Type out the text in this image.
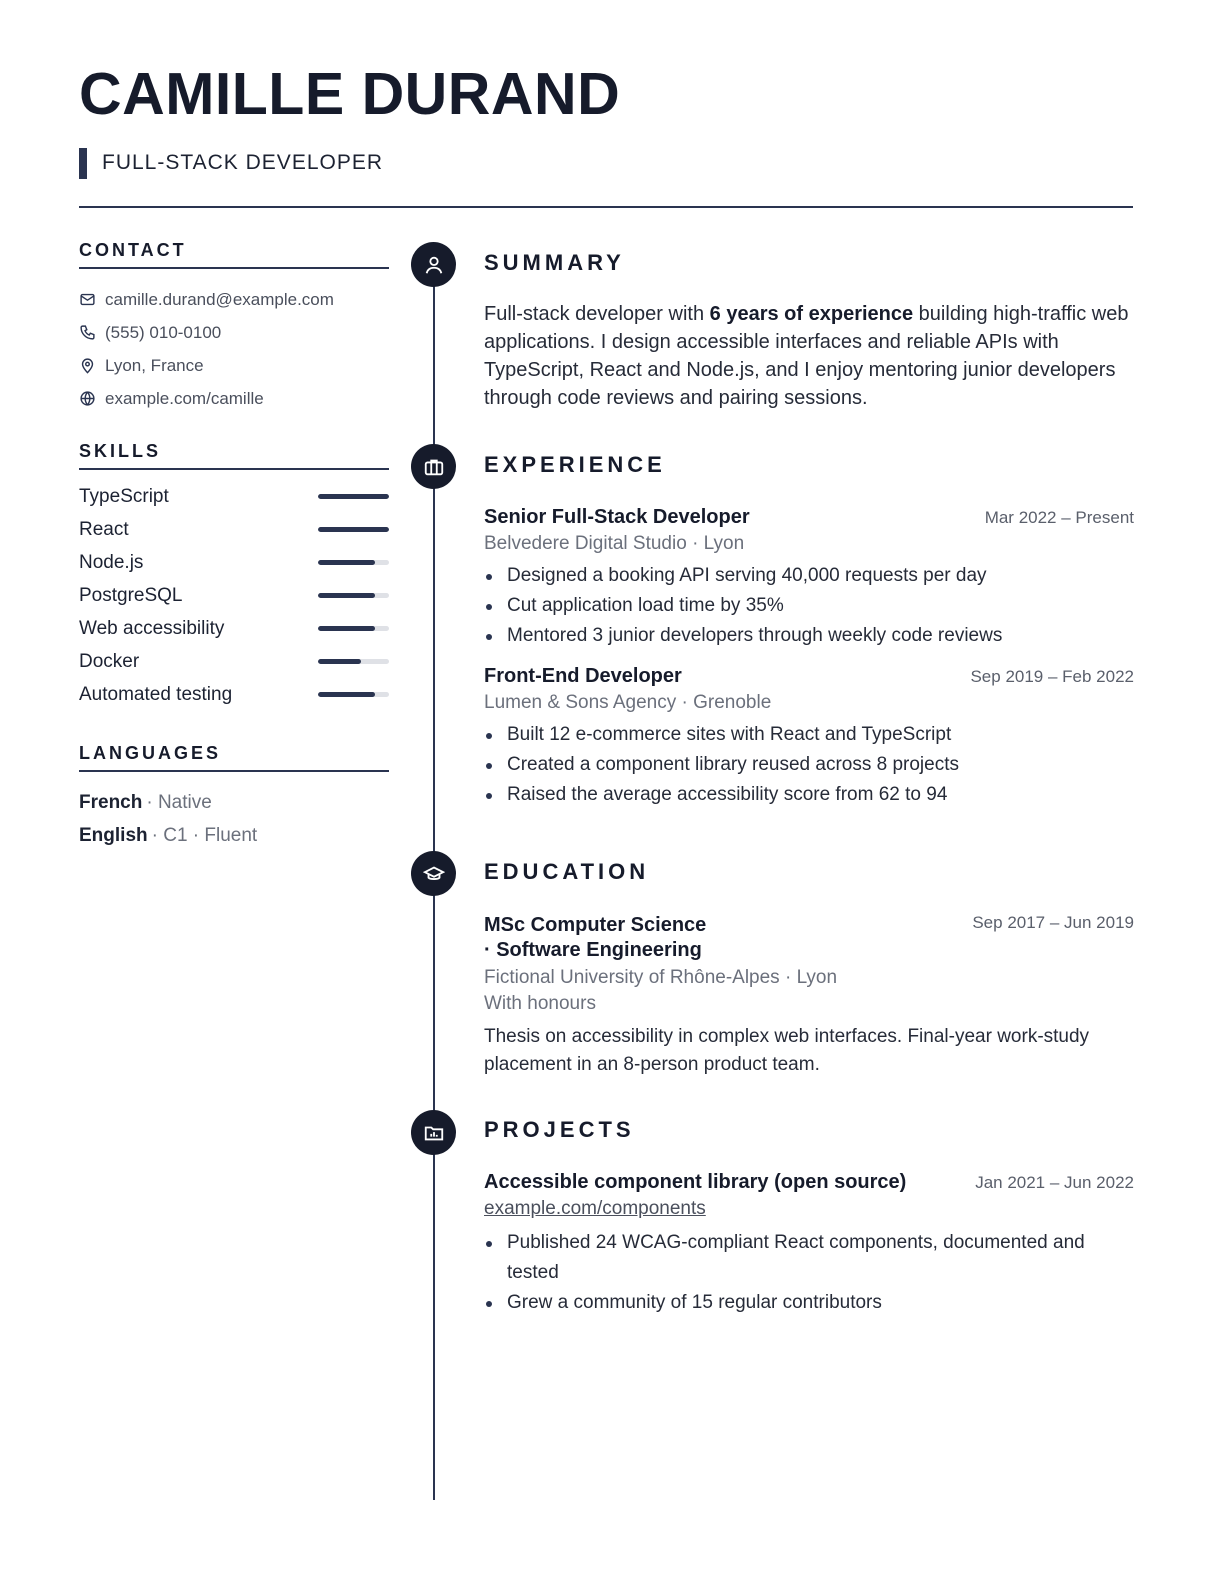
CAMILLE DURAND
FULL-STACK DEVELOPER
CONTACT
camille.durand@example.com
(555) 010-0100
Lyon, France
example.com/camille
SKILLS
TypeScript
React
Node.js
PostgreSQL
Web accessibility
Docker
Automated testing
LANGUAGES
French · Native
English · C1 · Fluent
SUMMARY
Full-stack developer with 6 years of experience building high-traffic web applications. I design accessible interfaces and reliable APIs with TypeScript, React and Node.js, and I enjoy mentoring junior developers through code reviews and pairing sessions.
EXPERIENCE
Senior Full-Stack Developer	Mar 2022 – Present
Belvedere Digital Studio · Lyon
Designed a booking API serving 40,000 requests per day
Cut application load time by 35%
Mentored 3 junior developers through weekly code reviews
Front-End Developer	Sep 2019 – Feb 2022
Lumen & Sons Agency · Grenoble
Built 12 e-commerce sites with React and TypeScript
Created a component library reused across 8 projects
Raised the average accessibility score from 62 to 94
EDUCATION
MSc Computer Science
· Software Engineering
Sep 2017 – Jun 2019
Fictional University of Rhône-Alpes · Lyon
With honours
Thesis on accessibility in complex web interfaces. Final-year work-study placement in an 8-person product team.
PROJECTS
Accessible component library (open source)	Jan 2021 – Jun 2022
example.com/components
Published 24 WCAG-compliant React components, documented and tested
Grew a community of 15 regular contributors
